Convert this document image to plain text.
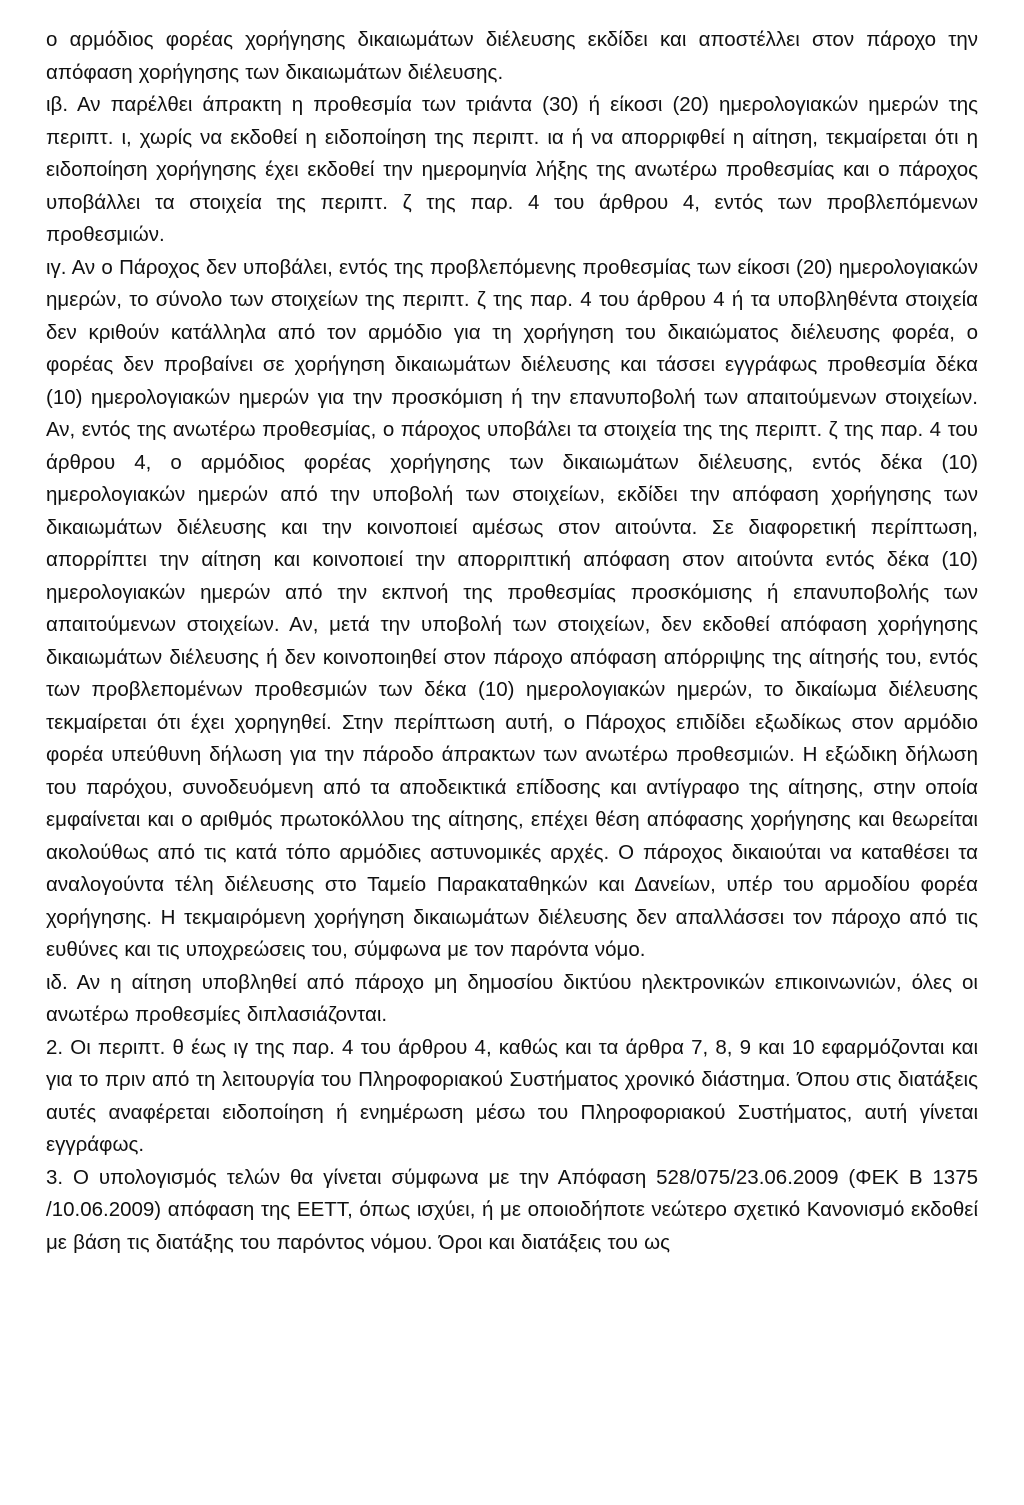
ο αρμόδιος φορέας χορήγησης δικαιωμάτων διέλευσης εκδίδει και αποστέλλει στον πάροχο την απόφαση χορήγησης των δικαιωμάτων διέλευσης.

ιβ. Αν παρέλθει άπρακτη η προθεσμία των τριάντα (30) ή είκοσι (20) ημερολογιακών ημερών της περιπτ. ι, χωρίς να εκδοθεί η ειδοποίηση της περιπτ. ια ή να απορριφθεί η αίτηση, τεκμαίρεται ότι η ειδοποίηση χορήγησης έχει εκδοθεί την ημερομηνία λήξης της ανωτέρω προθεσμίας και ο πάροχος υποβάλλει τα στοιχεία της περιπτ. ζ της παρ. 4 του άρθρου 4, εντός των προβλεπόμενων προθεσμιών.

ιγ. Αν ο Πάροχος δεν υποβάλει, εντός της προβλεπόμενης προθεσμίας των είκοσι (20) ημερολογιακών ημερών, το σύνολο των στοιχείων της περιπτ. ζ της παρ. 4 του άρθρου 4 ή τα υποβληθέντα στοιχεία δεν κριθούν κατάλληλα από τον αρμόδιο για τη χορήγηση του δικαιώματος διέλευσης φορέα, ο φορέας δεν προβαίνει σε χορήγηση δικαιωμάτων διέλευσης και τάσσει εγγράφως προθεσμία δέκα (10) ημερολογιακών ημερών για την προσκόμιση ή την επανυποβολή των απαιτούμενων στοιχείων. Αν, εντός της ανωτέρω προθεσμίας, ο πάροχος υποβάλει τα στοιχεία της της περιπτ. ζ της παρ. 4 του άρθρου 4, ο αρμόδιος φορέας χορήγησης των δικαιωμάτων διέλευσης, εντός δέκα (10) ημερολογιακών ημερών από την υποβολή των στοιχείων, εκδίδει την απόφαση χορήγησης των δικαιωμάτων διέλευσης και την κοινοποιεί αμέσως στον αιτούντα. Σε διαφορετική περίπτωση, απορρίπτει την αίτηση και κοινοποιεί την απορριπτική απόφαση στον αιτούντα εντός δέκα (10) ημερολογιακών ημερών από την εκπνοή της προθεσμίας προσκόμισης ή επανυποβολής των απαιτούμενων στοιχείων. Αν, μετά την υποβολή των στοιχείων, δεν εκδοθεί απόφαση χορήγησης δικαιωμάτων διέλευσης ή δεν κοινοποιηθεί στον πάροχο απόφαση απόρριψης της αίτησής του, εντός των προβλεπομένων προθεσμιών των δέκα (10) ημερολογιακών ημερών, το δικαίωμα διέλευσης τεκμαίρεται ότι έχει χορηγηθεί. Στην περίπτωση αυτή, ο Πάροχος επιδίδει εξωδίκως στον αρμόδιο φορέα υπεύθυνη δήλωση για την πάροδο άπρακτων των ανωτέρω προθεσμιών. Η εξώδικη δήλωση του παρόχου, συνοδευόμενη από τα αποδεικτικά επίδοσης και αντίγραφο της αίτησης, στην οποία εμφαίνεται και ο αριθμός πρωτοκόλλου της αίτησης, επέχει θέση απόφασης χορήγησης και θεωρείται ακολούθως από τις κατά τόπο αρμόδιες αστυνομικές αρχές. Ο πάροχος δικαιούται να καταθέσει τα αναλογούντα τέλη διέλευσης στο Ταμείο Παρακαταθηκών και Δανείων, υπέρ του αρμοδίου φορέα χορήγησης. Η τεκμαιρόμενη χορήγηση δικαιωμάτων διέλευσης δεν απαλλάσσει τον πάροχο από τις ευθύνες και τις υποχρεώσεις του, σύμφωνα με τον παρόντα νόμο.

ιδ. Αν η αίτηση υποβληθεί από πάροχο μη δημοσίου δικτύου ηλεκτρονικών επικοινωνιών, όλες οι ανωτέρω προθεσμίες διπλασιάζονται.

2. Οι περιπτ. θ έως ιγ της παρ. 4 του άρθρου 4, καθώς και τα άρθρα 7, 8, 9 και 10 εφαρμόζονται και για το πριν από τη λειτουργία του Πληροφοριακού Συστήματος χρονικό διάστημα. Όπου στις διατάξεις αυτές αναφέρεται ειδοποίηση ή ενημέρωση μέσω του Πληροφοριακού Συστήματος, αυτή γίνεται εγγράφως.

3. Ο υπολογισμός τελών θα γίνεται σύμφωνα με την Απόφαση 528/075/23.06.2009 (ΦΕΚ Β 1375 /10.06.2009) απόφαση της ΕΕΤΤ, όπως ισχύει, ή με οποιοδήποτε νεώτερο σχετικό Κανονισμό εκδοθεί με βάση τις διατάξης του παρόντος νόμου. Όροι και διατάξεις του ως
